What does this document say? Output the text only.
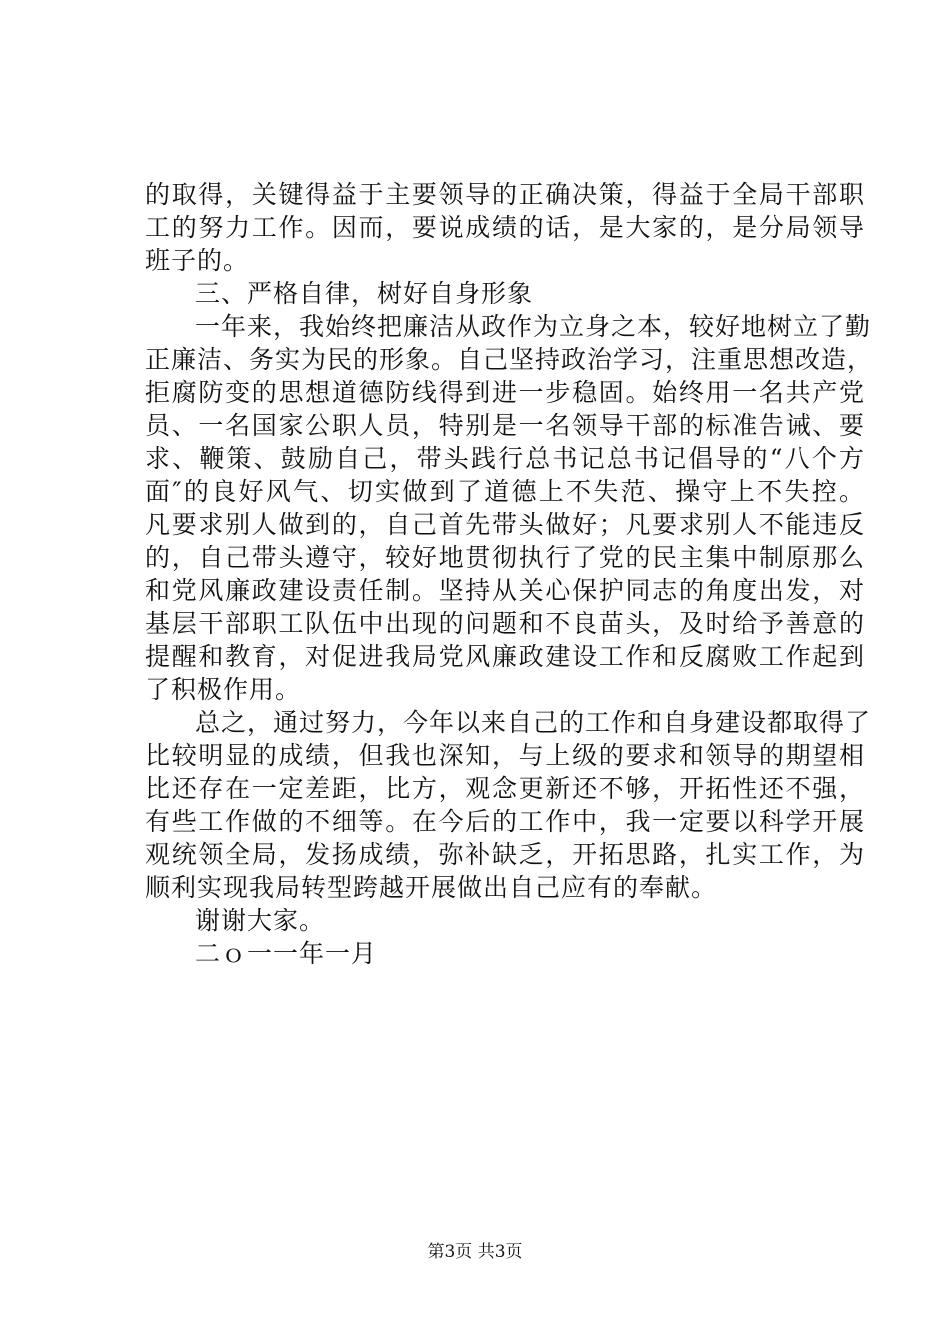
的取得，关键得益于主要领导的正确决策，得益于全局干部职
工的努力工作。因而，要说成绩的话，是大家的，是分局领导
班子的。
三、严格自律，树好自身形象
一年来，我始终把廉洁从政作为立身之本，较好地树立了勤
正廉洁、务实为民的形象。自己坚持政治学习，注重思想改造，
拒腐防变的思想道德防线得到进一步稳固。始终用一名共产党
员、一名国家公职人员，特别是一名领导干部的标准告诫、要
求、鞭策、鼓励自己，带头践行总书记总书记倡导的“八个方
面″的良好风气、切实做到了道德上不失范、操守上不失控。
凡要求别人做到的，自己首先带头做好；凡要求别人不能违反
的，自己带头遵守，较好地贯彻执行了党的民主集中制原那么
和党风廉政建设责任制。坚持从关心保护同志的角度出发，对
基层干部职工队伍中出现的问题和不良苗头，及时给予善意的
提醒和教育，对促进我局党风廉政建设工作和反腐败工作起到
了积极作用。
总之，通过努力，今年以来自己的工作和自身建设都取得了
比较明显的成绩，但我也深知，与上级的要求和领导的期望相
比还存在一定差距，比方，观念更新还不够，开拓性还不强，
有些工作做的不细等。在今后的工作中，我一定要以科学开展
观统领全局，发扬成绩，弥补缺乏，开拓思路，扎实工作，为
顺利实现我局转型跨越开展做出自己应有的奉献。
谢谢大家。
二ｏ一一年一月
第3页 共3页
